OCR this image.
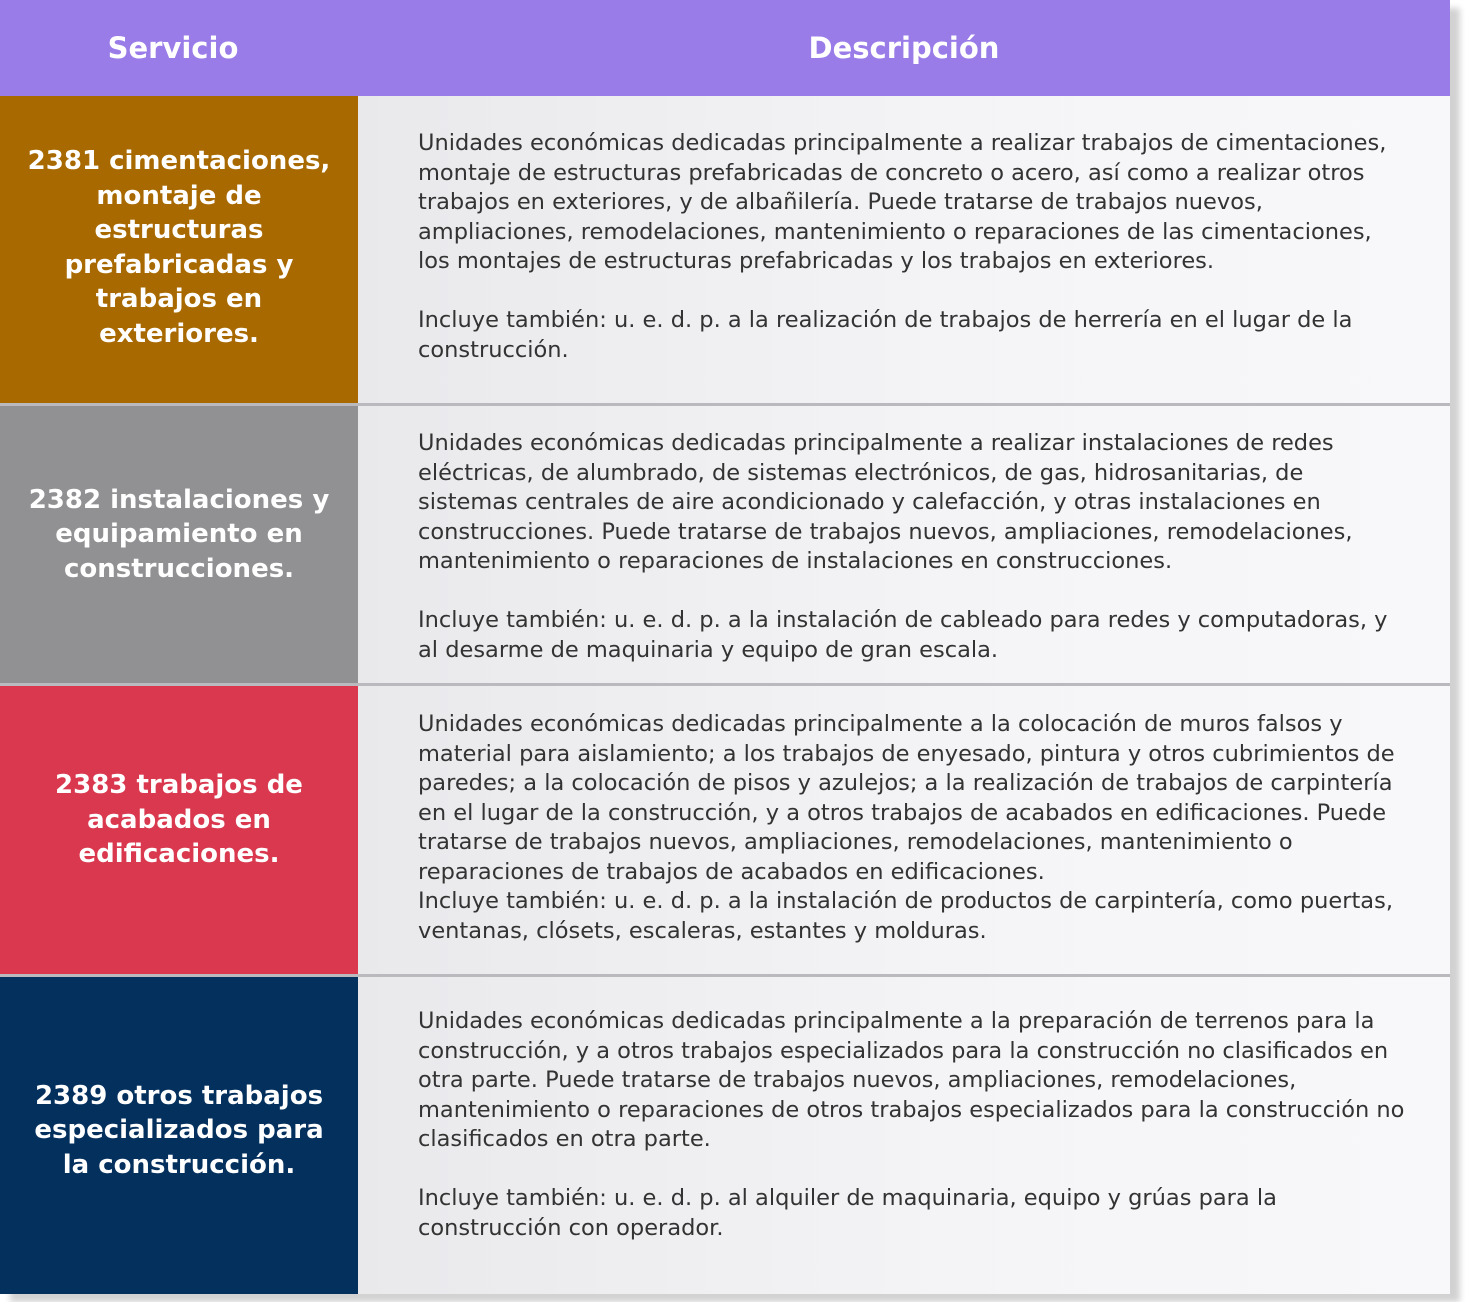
Servicio	Descripción
2381 cimentaciones, montaje de estructuras prefabricadas y trabajos en exteriores.

Unidades económicas dedicadas principalmente a realizar trabajos de cimentaciones, montaje de estructuras prefabricadas de concreto o acero, así como a realizar otros trabajos en exteriores, y de albañilería. Puede tratarse de trabajos nuevos, ampliaciones, remodelaciones, mantenimiento o reparaciones de las cimentaciones, los montajes de estructuras prefabricadas y los trabajos en exteriores.

Incluye también: u. e. d. p. a la realización de trabajos de herrería en el lugar de la construcción.

2382 instalaciones y equipamiento en construcciones.

Unidades económicas dedicadas principalmente a realizar instalaciones de redes eléctricas, de alumbrado, de sistemas electrónicos, de gas, hidrosanitarias, de sistemas centrales de aire acondicionado y calefacción, y otras instalaciones en construcciones. Puede tratarse de trabajos nuevos, ampliaciones, remodelaciones, mantenimiento o reparaciones de instalaciones en construcciones.

Incluye también: u. e. d. p. a la instalación de cableado para redes y computadoras, y al desarme de maquinaria y equipo de gran escala.

2383 trabajos de acabados en edificaciones.

Unidades económicas dedicadas principalmente a la colocación de muros falsos y material para aislamiento; a los trabajos de enyesado, pintura y otros cubrimientos de paredes; a la colocación de pisos y azulejos; a la realización de trabajos de carpintería en el lugar de la construcción, y a otros trabajos de acabados en edificaciones. Puede tratarse de trabajos nuevos, ampliaciones, remodelaciones, mantenimiento o reparaciones de trabajos de acabados en edificaciones.

Incluye también: u. e. d. p. a la instalación de productos de carpintería, como puertas, ventanas, clósets, escaleras, estantes y molduras.

2389 otros trabajos especializados para la construcción.

Unidades económicas dedicadas principalmente a la preparación de terrenos para la construcción, y a otros trabajos especializados para la construcción no clasificados en otra parte. Puede tratarse de trabajos nuevos, ampliaciones, remodelaciones, mantenimiento o reparaciones de otros trabajos especializados para la construcción no clasificados en otra parte.

Incluye también: u. e. d. p. al alquiler de maquinaria, equipo y grúas para la construcción con operador.
